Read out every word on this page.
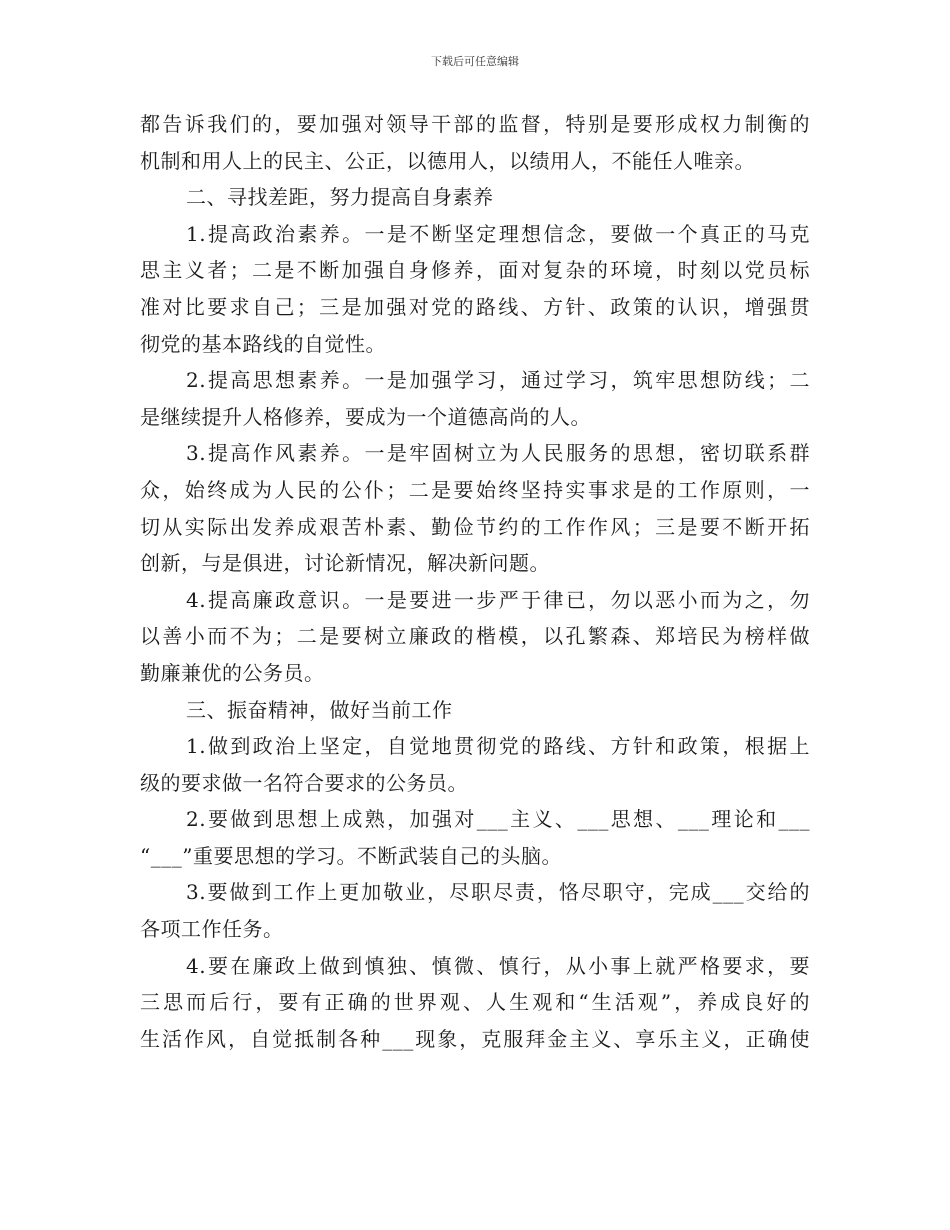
下载后可任意编辑
都告诉我们的，要加强对领导干部的监督，特别是要形成权力制衡的
机制和用人上的民主、公正，以德用人，以绩用人，不能任人唯亲。
二、寻找差距，努力提高自身素养
1.提高政治素养。一是不断坚定理想信念，要做一个真正的马克
思主义者；二是不断加强自身修养，面对复杂的环境，时刻以党员标
准对比要求自己；三是加强对党的路线、方针、政策的认识，增强贯
彻党的基本路线的自觉性。
2.提高思想素养。一是加强学习，通过学习，筑牢思想防线；二
是继续提升人格修养，要成为一个道德高尚的人。
3.提高作风素养。一是牢固树立为人民服务的思想，密切联系群
众，始终成为人民的公仆；二是要始终坚持实事求是的工作原则，一
切从实际出发养成艰苦朴素、勤俭节约的工作作风；三是要不断开拓
创新，与是俱进，讨论新情况，解决新问题。
4.提高廉政意识。一是要进一步严于律已，勿以恶小而为之，勿
以善小而不为；二是要树立廉政的楷模，以孔繁森、郑培民为榜样做
勤廉兼优的公务员。
三、振奋精神，做好当前工作
1.做到政治上坚定，自觉地贯彻党的路线、方针和政策，根据上
级的要求做一名符合要求的公务员。
2.要做到思想上成熟，加强对___主义、___思想、___理论和___
“___”重要思想的学习。不断武装自己的头脑。
3.要做到工作上更加敬业，尽职尽责，恪尽职守，完成___交给的
各项工作任务。
4.要在廉政上做到慎独、慎微、慎行，从小事上就严格要求，要
三思而后行，要有正确的世界观、人生观和“生活观”，养成良好的
生活作风，自觉抵制各种___现象，克服拜金主义、享乐主义，正确使
